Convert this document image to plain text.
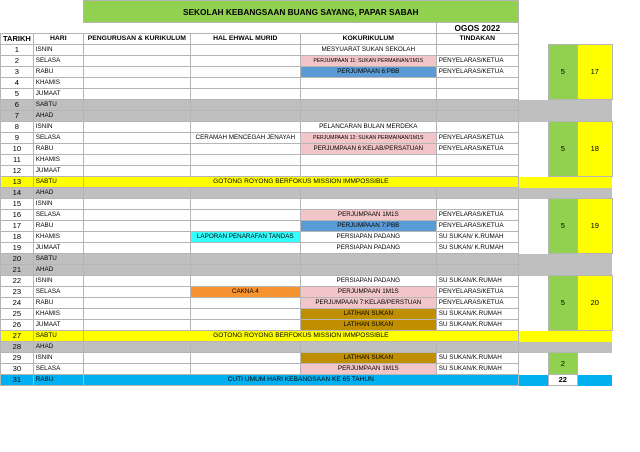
		SEKOLAH KEBANGSAAN BUANG SAYANG, PAPAR SABAH						
					OGOS 2022			
TARIKH	HARI	PENGURUSAN & KURIKULUM	HAL EHWAL MURID	KOKURIKULUM	TINDAKAN			
1	ISNIN			MESYUARAT SUKAN SEKOLAH			5	17
2	SELASA			PERJUMPAAN 11: SUKAN PERMAINAN/1M1S	PENYELARAS/KETUA			
3	RABU			PERJUMPAAN 6:PBB	PENYELARAS/KETUA			
4	KHAMIS							
5	JUMAAT							
6	SABTU							
7	AHAD							
8	ISNIN			PELANCARAN BULAN MERDEKA			5	18
9	SELASA		CERAMAH MENCEGAH JENAYAH	PERJUMPAAN 12: SUKAN PERMAINAN/1M1S	PENYELARAS/KETUA			
10	RABU			PERJUMPAAN 6:KELAB/PERSATUAN	PENYELARAS/KETUA			
11	KHAMIS							
12	JUMAAT							
13	SABTU	GOTONG ROYONG BERFOKUS MISSION IMMPOSSIBLE						
14	AHAD							
15	ISNIN						5	19
16	SELASA			PERJUMPAAN 1M1S	PENYELARAS/KETUA			
17	RABU			PERJUMPAAN 7:PBB	PENYELARAS/KETUA			
18	KHAMIS		LAPORAN PENARAFAN TANDAS	PERSIAPAN PADANG	SU SUKAN/ K.RUMAH			
19	JUMAAT			PERSIAPAN PADANG	SU SUKAN/ K.RUMAH			
20	SABTU							
21	AHAD							
22	ISNIN			PERSIAPAN PADANG	SU SUKAN/K.RUMAH		5	20
23	SELASA		CAKNA 4	PERJUMPAAN 1M1S	PENYELARAS/KETUA			
24	RABU			PERJUMPAAN 7:KELAB/PERSTUAN	PENYELARAS/KETUA			
25	KHAMIS			LATIHAN SUKAN	SU SUKAN/K.RUMAH			
26	JUMAAT			LATIHAN SUKAN	SU SUKAN/K.RUMAH			
27	SABTU	GOTONG ROYONG BERFOKUS MISSION IMMPOSSIBLE						
28	AHAD							
29	ISNIN			LATIHAN SUKAN	SU SUKAN/K.RUMAH		2	
30	SELASA			PERJUMPAAN 1M1S	SU SUKAN/K.RUMAH			
31	RABU	CUTI UMUM HARI KEBANGSAAN KE 65 TAHUN					22	
